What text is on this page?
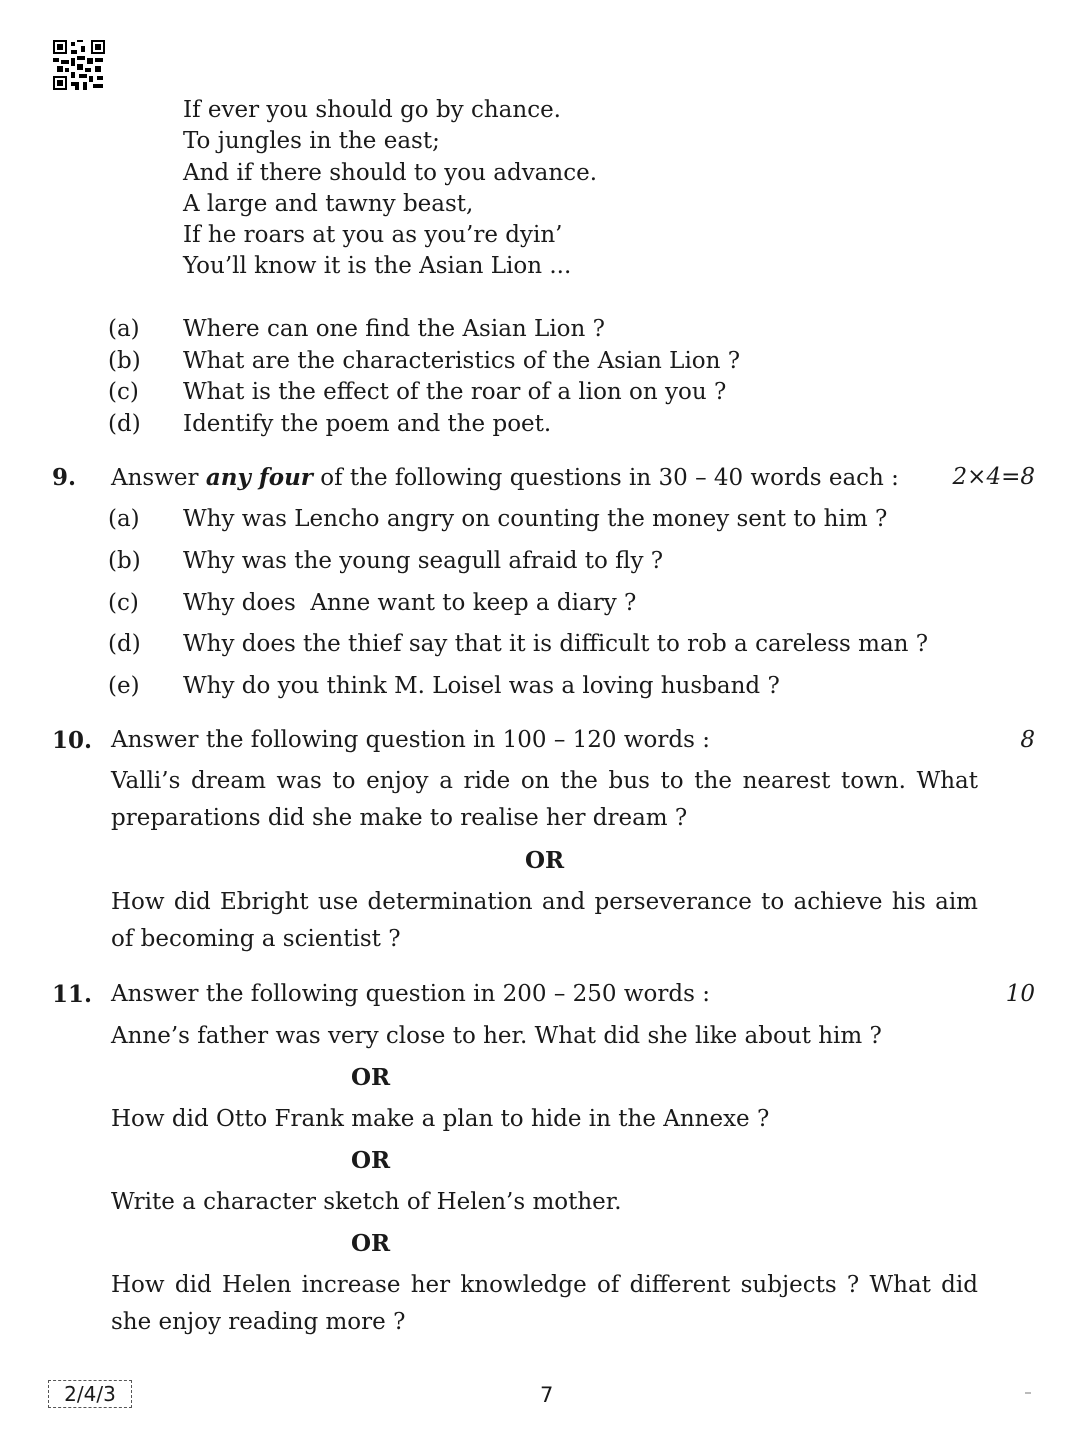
If ever you should go by chance.
To jungles in the east;
And if there should to you advance.
A large and tawny beast,
If he roars at you as you’re dyin’
You’ll know it is the Asian Lion ...
(a) Where can one find the Asian Lion ?
(b) What are the characteristics of the Asian Lion ?
(c) What is the effect of the roar of a lion on you ?
(d) Identify the poem and the poet.
9. Answer any four of the following questions in 30 – 40 words each : 2×4=8
(a) Why was Lencho angry on counting the money sent to him ?
(b) Why was the young seagull afraid to fly ?
(c) Why does  Anne want to keep a diary ?
(d) Why does the thief say that it is difficult to rob a careless man ?
(e) Why do you think M. Loisel was a loving husband ?
10. Answer the following question in 100 – 120 words :	8
Valli’s dream was to enjoy a ride on the bus to the nearest town. What preparations did she make to realise her dream ?
OR
How did Ebright use determination and perseverance to achieve his aim of becoming a scientist ?
11. Answer the following question in 200 – 250 words :	10
Anne’s father was very close to her. What did she like about him ?
OR
How did Otto Frank make a plan to hide in the Annexe ?
OR
Write a character sketch of Helen’s mother.
OR
How did Helen increase her knowledge of different subjects ? What did she enjoy reading more ?
2/4/3	7
